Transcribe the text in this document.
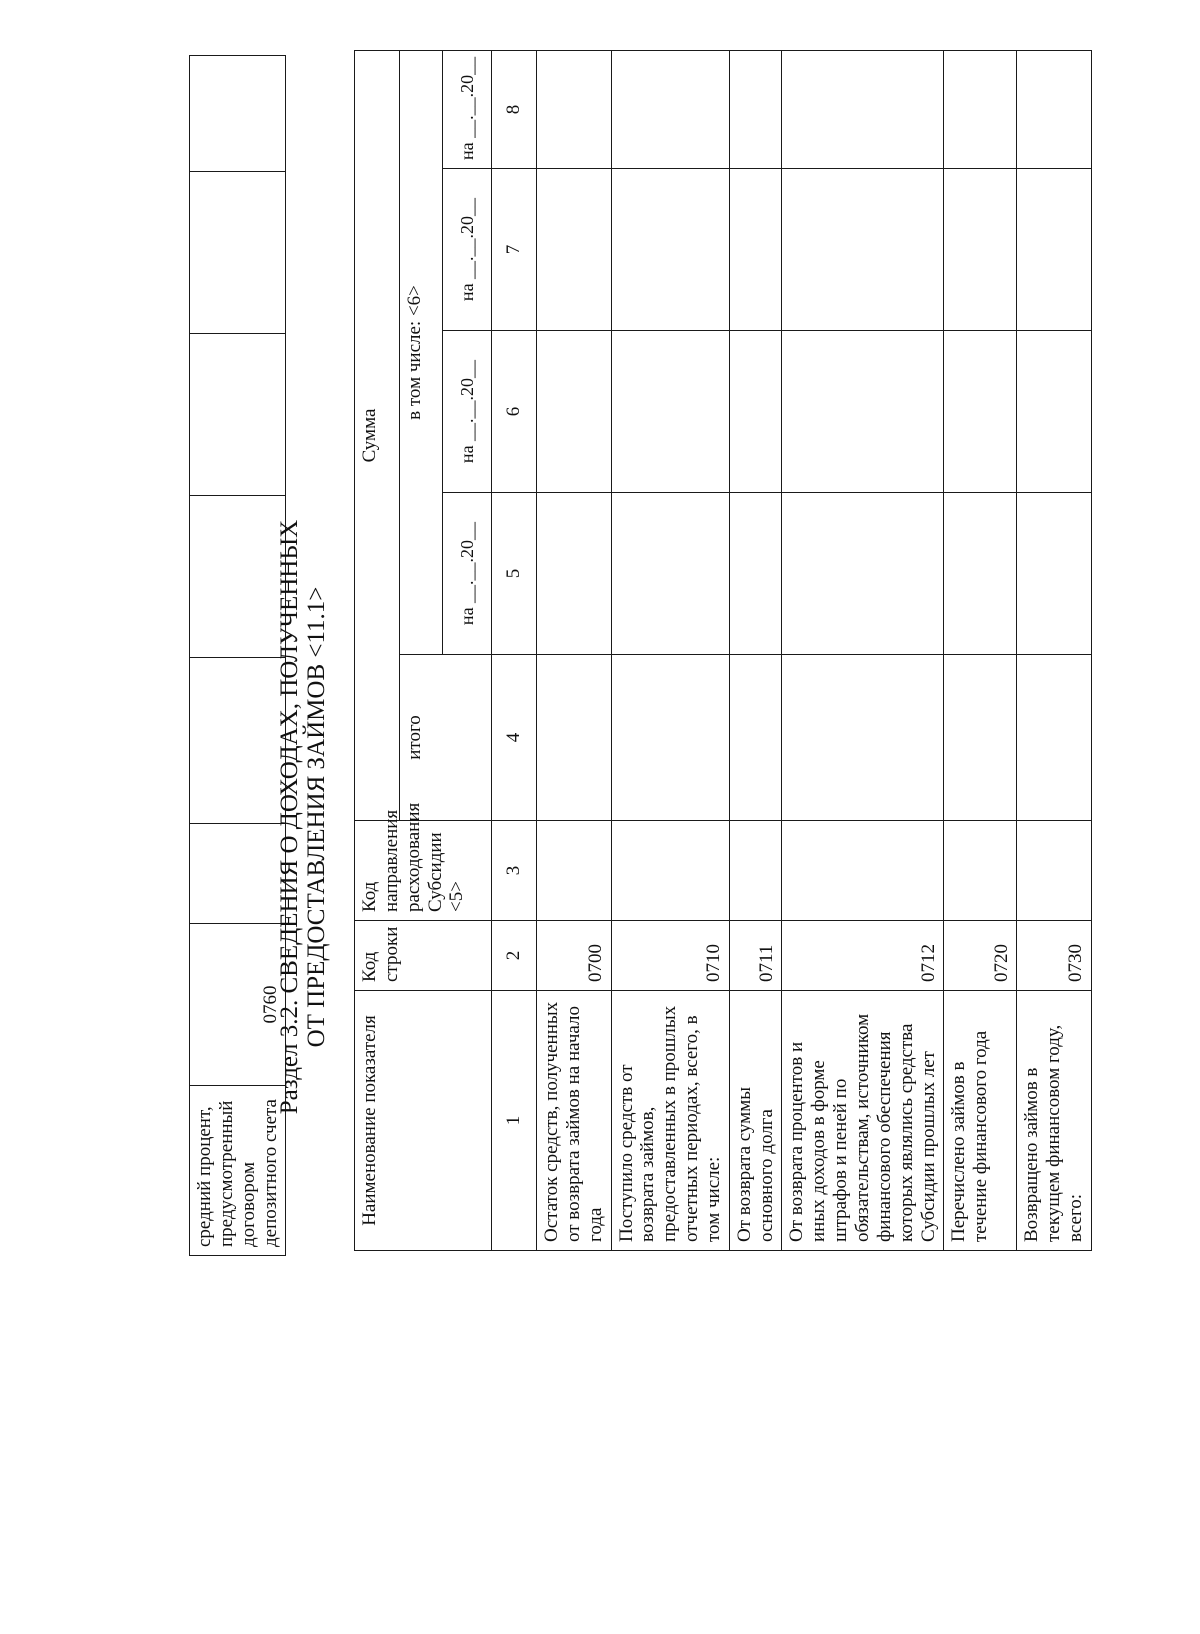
средний процент, предусмотренный договором депозитного счета	0760						
Раздел 3.2. СВЕДЕНИЯ О ДОХОДАХ, ПОЛУЧЕННЫХ ОТ ПРЕДОСТАВЛЕНИЯ ЗАЙМОВ <11.1>
Наименование показателя	Код строки	Код направления расходования Субсидии <5>	Сумма				
			итого	в том числе: <6>			
				на __.__.20__	на __.__.20__	на __.__.20__	на __.__.20__
1	2	3	4	5	6	7	8
Остаток средств, полученных от возврата займов на начало года	0700						
Поступило средств от возврата займов, предоставленных в прошлых отчетных периодах, всего, в том числе:	0710						
От возврата суммы основного долга	0711						
От возврата процентов и иных доходов в форме штрафов и пеней по обязательствам, источником финансового обеспечения которых являлись средства Субсидии прошлых лет	0712						
Перечислено займов в течение финансового года	0720						
Возвращено займов в текущем финансовом году, всего:	0730						
